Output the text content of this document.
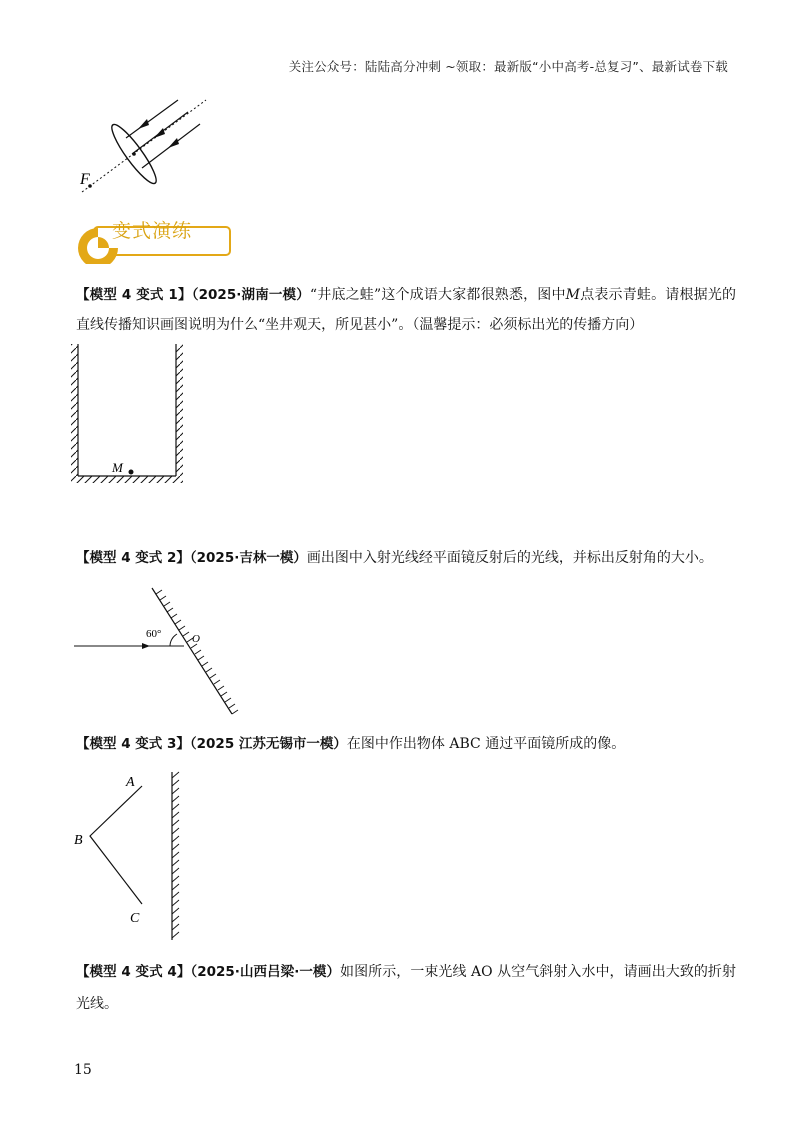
关注公众号：陆陆高分冲刺 ~领取：最新版“小中高考-总复习”、最新试卷下载
F
变式演练
【模型 4 变式 1】（2025·湖南一模）“井底之蛙”这个成语大家都很熟悉，图中M点表示青蛙。请根据光的直线传播知识画图说明为什么“坐井观天，所见甚小”。（温馨提示：必须标出光的传播方向）
M
【模型 4 变式 2】（2025·吉林一模）画出图中入射光线经平面镜反射后的光线，并标出反射角的大小。
60°	O
【模型 4 变式 3】（2025 江苏无锡市一模）在图中作出物体 ABC 通过平面镜所成的像。
A
B
C
【模型 4 变式 4】（2025·山西吕梁·一模）如图所示，一束光线 AO 从空气斜射入水中，请画出大致的折射光线。
15
